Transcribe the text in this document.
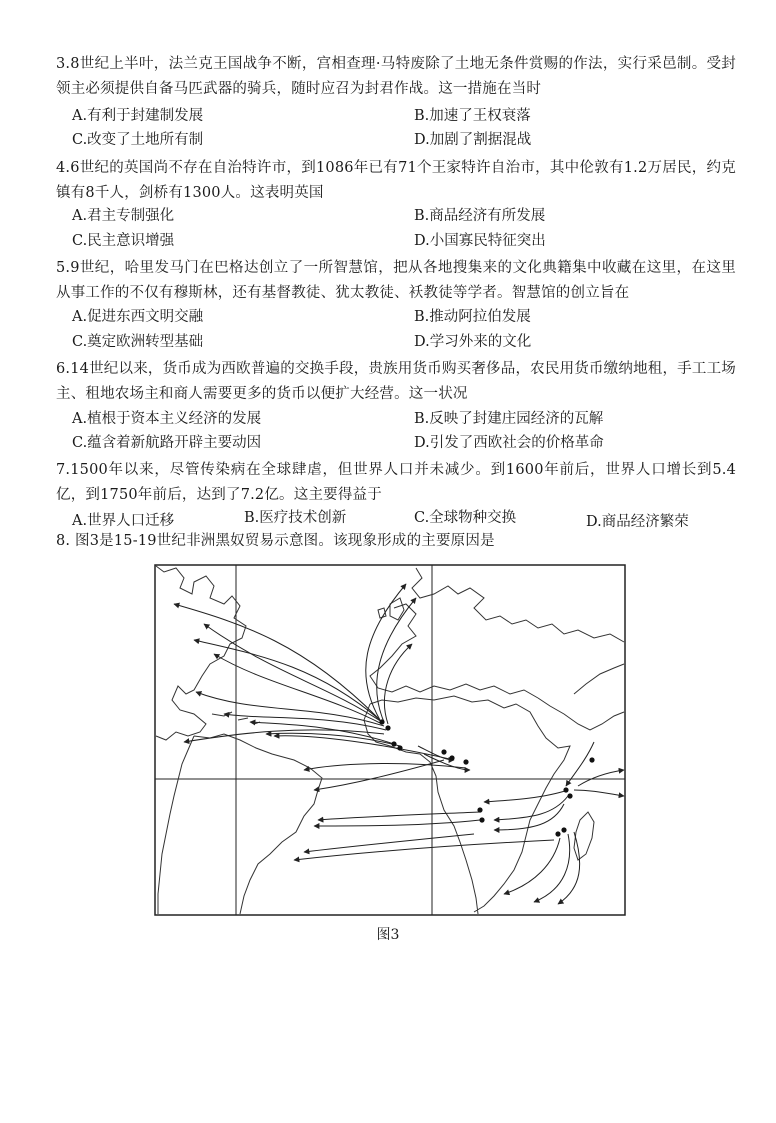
3.8世纪上半叶，法兰克王国战争不断，宫相查理·马特废除了土地无条件赏赐的作法，实行采邑制。受封领主必须提供自备马匹武器的骑兵，随时应召为封君作战。这一措施在当时
A.有利于封建制发展	B.加速了王权衰落
C.改变了土地所有制	D.加剧了割据混战
4.6世纪的英国尚不存在自治特许市，到1086年已有71个王家特许自治市，其中伦敦有1.2万居民，约克镇有8千人，剑桥有1300人。这表明英国
A.君主专制强化	B.商品经济有所发展
C.民主意识增强	D.小国寡民特征突出
5.9世纪，哈里发马门在巴格达创立了一所智慧馆，把从各地搜集来的文化典籍集中收藏在这里，在这里从事工作的不仅有穆斯林，还有基督教徒、犹太教徒、袄教徒等学者。智慧馆的创立旨在
A.促进东西文明交融	B.推动阿拉伯发展
C.奠定欧洲转型基础	D.学习外来的文化
6.14世纪以来，货币成为西欧普遍的交换手段，贵族用货币购买奢侈品，农民用货币缴纳地租，手工工场主、租地农场主和商人需要更多的货币以便扩大经营。这一状况
A.植根于资本主义经济的发展	B.反映了封建庄园经济的瓦解
C.蕴含着新航路开辟主要动因	D.引发了西欧社会的价格革命
7.1500年以来，尽管传染病在全球肆虐，但世界人口并未减少。到1600年前后，世界人口增长到5.4亿，到1750年前后，达到了7.2亿。这主要得益于
A.世界人口迁移	B.医疗技术创新	C.全球物种交换	D.商品经济繁荣
8. 图3是15-19世纪非洲黑奴贸易示意图。该现象形成的主要原因是
图3
